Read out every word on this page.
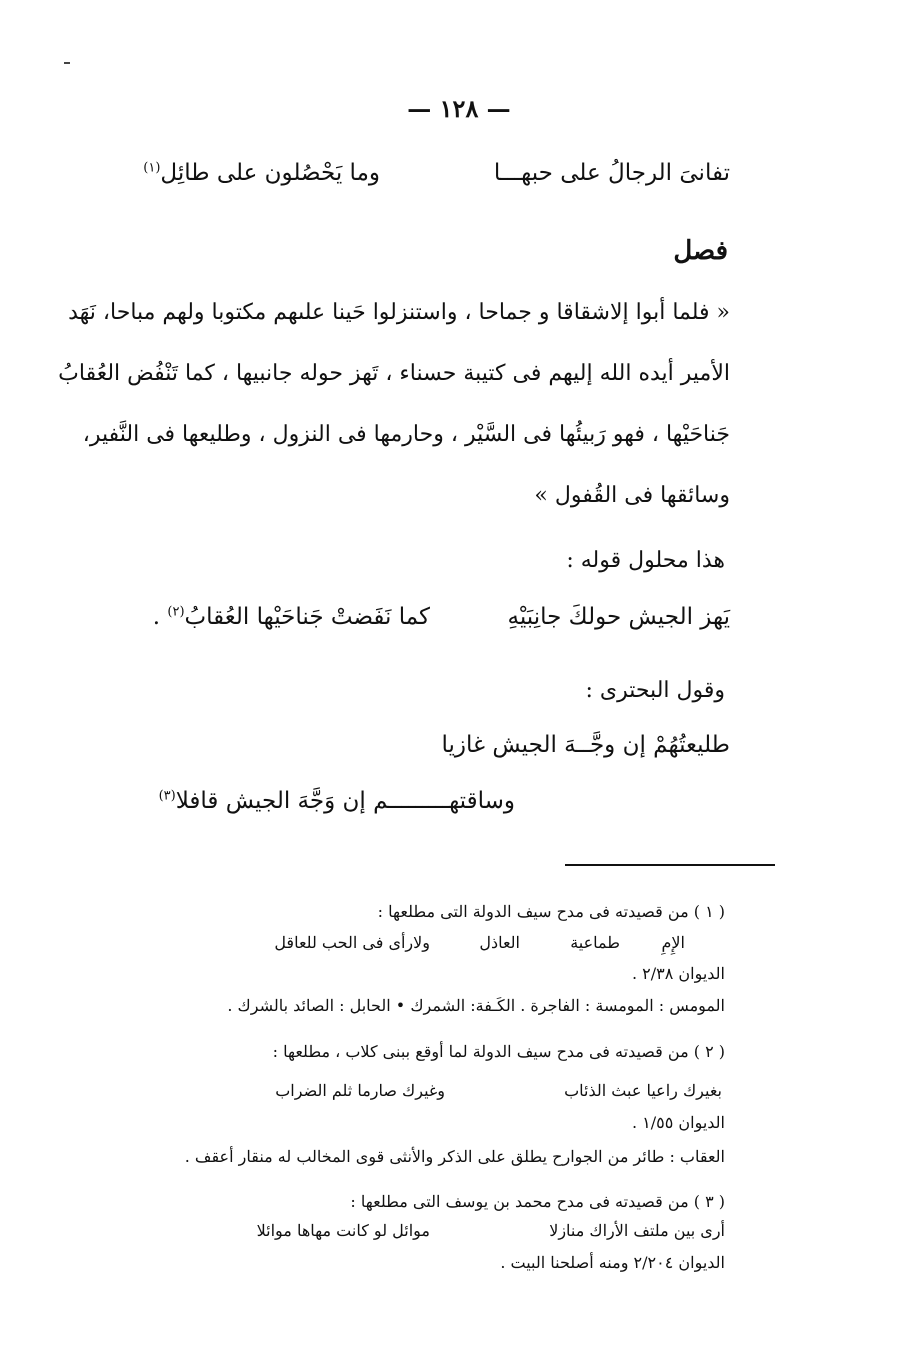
— ١٢٨ —
تفانىَ الرجالُ على حبهـــا
وما يَحْصُلون على طائِل$^{(١)}$
فصل
« فلما أبوا إلاشقاقا و جماحا ، واستنزلوا حَينا علىهم مكتوبا ولهم مباحا، نَهَد
الأمير أيده الله إليهم فى كتيبة حسناء ، تَهز حوله جانبيها ، كما تَنْفُض العُقابُ
جَناحَيْها ، فهو رَبيئُها فى السَّيْر ، وحارمها فى النزول ، وطليعها فى النَّفير،
وسائقها فى القُفول »
هذا محلول قوله :
يَهز الجيش حولكَ جانِبَيْهِ
كما نَفَضتْ جَناحَيْها العُقابُ$^{(٢)}$ .
وقول البحترى :
طليعتُهُمْ إن وجَّــهَ الجيش غازيا
وساقتهـــــــــم إن وَجَّهَ الجيش قافلا$^{(٣)}$
( ١ ) من قصيدته فى مدح سيف الدولة التى مطلعها :
الإِمِ
طماعية
العاذل
ولارأى فى الحب للعاقل
الديوان ٢/٣٨ .
المومس : المومسة : الفاجرة . الكَـفة: الشمرك • الحابل : الصائد بالشرك .
( ٢ ) من قصيدته فى مدح سيف الدولة لما أوقع ببنى كلاب ، مطلعها :
بغيرك راعيا عبث الذئاب
وغيرك صارما ثلم الضراب
الديوان ١/٥٥ .
العقاب : طائر من الجوارح يطلق على الذكر والأنثى قوى المخالب له منقار أعقف .
( ٣ ) من قصيدته فى مدح محمد بن يوسف التى مطلعها :
أرى بين ملتف الأراك منازلا
موائل لو كانت مهاها موائلا
الديوان ٢/٢٠٤ ومنه أصلحنا البيت .
